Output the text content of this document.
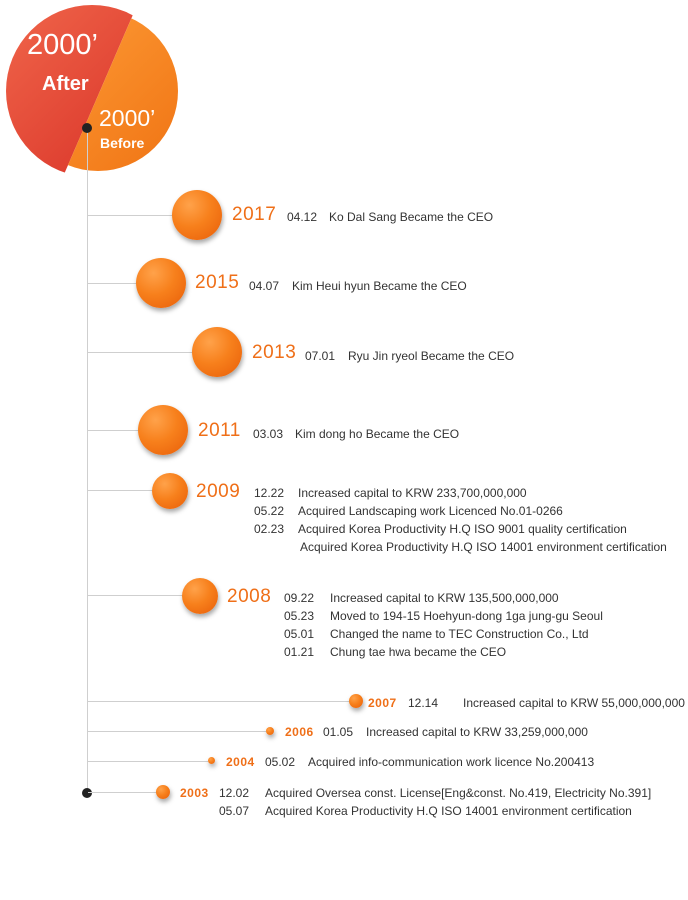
2000’
After
2000’
Before
2017 04.12 Ko Dal Sang Became the CEO
2015 04.07 Kim Heui hyun Became the CEO
2013 07.01 Ryu Jin ryeol Became the CEO
2011 03.03 Kim dong ho Became the CEO
2009 12.22 Increased capital to KRW 233,700,000,000
05.22 Acquired Landscaping work Licenced No.01-0266
02.23 Acquired Korea Productivity H.Q ISO 9001 quality certification
Acquired Korea Productivity H.Q ISO 14001 environment certification
2008 09.22 Increased capital to KRW 135,500,000,000
05.23 Moved to 194-15 Hoehyun-dong 1ga jung-gu Seoul
05.01 Changed the name to TEC Construction Co., Ltd
01.21 Chung tae hwa became the CEO
2007 12.14 Increased capital to KRW 55,000,000,000
2006 01.05 Increased capital to KRW 33,259,000,000
2004 05.02 Acquired info-communication work licence No.200413
2003 12.02 Acquired Oversea const. License[Eng&const. No.419, Electricity No.391]
05.07 Acquired Korea Productivity H.Q ISO 14001 environment certification
